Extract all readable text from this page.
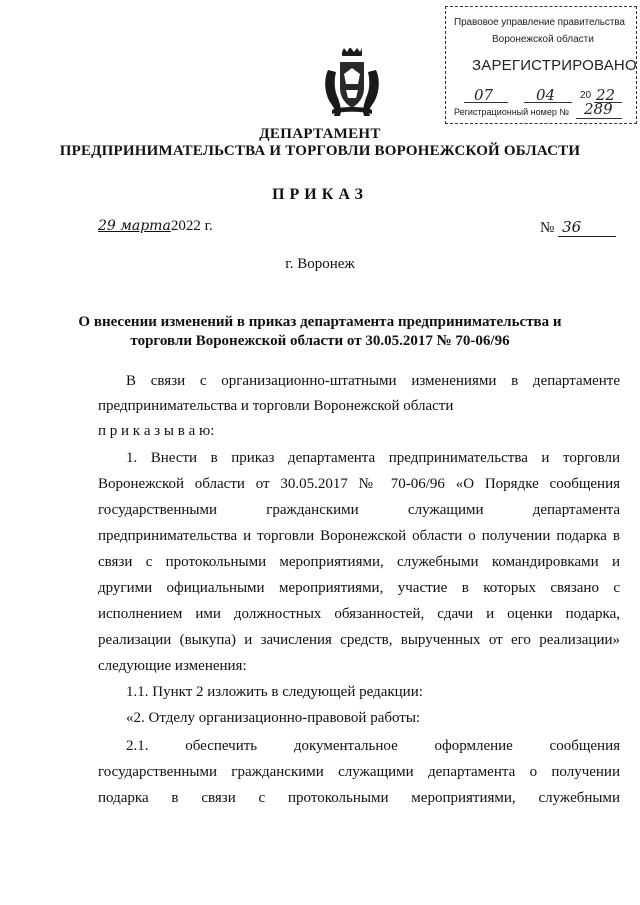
Правовое управление правительства
Воронежской области
ЗАРЕГИСТРИРОВАНО
07	04 20 22
Регистрационный номер № 289
ДЕПАРТАМЕНТ
ПРЕДПРИНИМАТЕЛЬСТВА И ТОРГОВЛИ ВОРОНЕЖСКОЙ ОБЛАСТИ
ПРИКАЗ
29 марта2022 г.	№ 36
г. Воронеж
О внесении изменений в приказ департамента предпринимательства и
торговли Воронежской области от 30.05.2017 № 70-06/96
В связи с организационно-штатными изменениями в департаменте
предпринимательства и торговли Воронежской области
п р и к а з ы в а ю:
1. Внести в приказ департамента предпринимательства и торговли
Воронежской области от 30.05.2017 № 70-06/96 «О Порядке сообщения
государственными гражданскими служащими департамента
предпринимательства и торговли Воронежской области о получении подарка в
связи с протокольными мероприятиями, служебными командировками и
другими официальными мероприятиями, участие в которых связано с
исполнением ими должностных обязанностей, сдачи и оценки подарка,
реализации (выкупа) и зачисления средств, вырученных от его реализации»
следующие изменения:
1.1. Пункт 2 изложить в следующей редакции:
«2. Отделу организационно-правовой работы:
2.1. обеспечить документальное оформление сообщения
государственными гражданскими служащими департамента о получении
подарка в связи с протокольными мероприятиями, служебными
